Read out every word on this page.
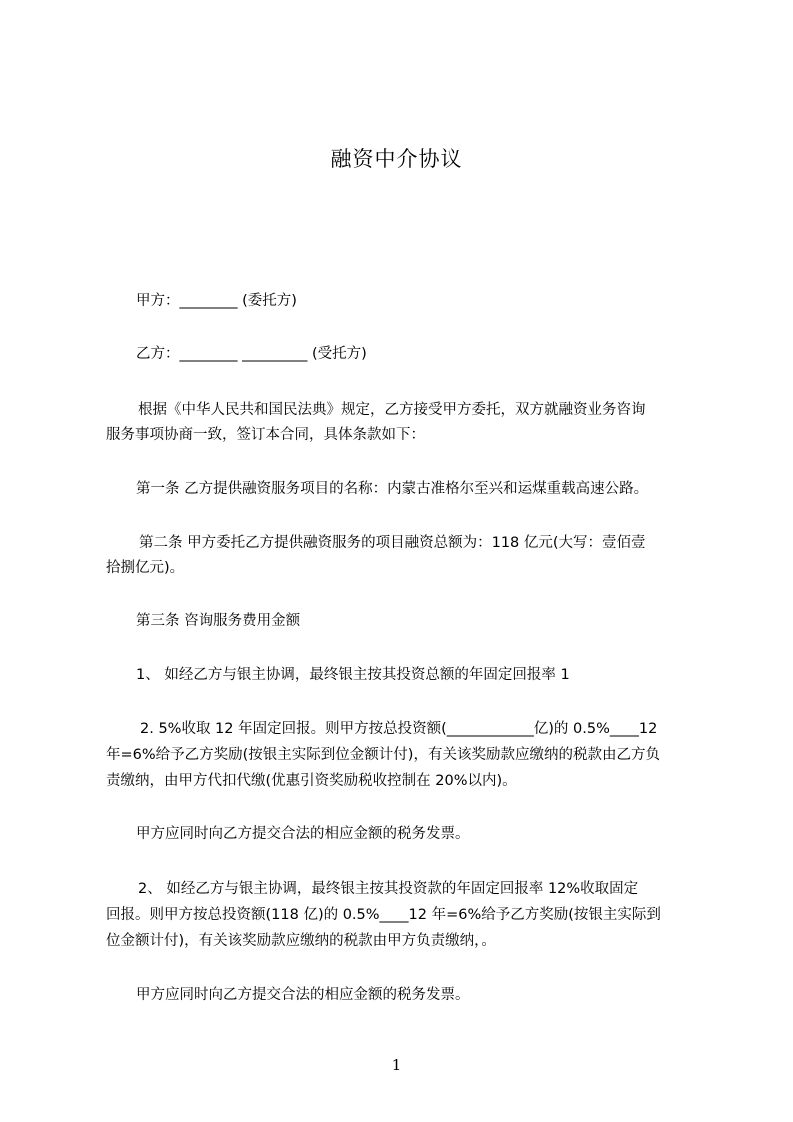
融资中介协议
甲方：________ (委托方)
乙方：________ _________ (受托方)
根据《中华人民共和国民法典》规定，乙方接受甲方委托，双方就融资业务咨询
服务事项协商一致，签订本合同，具体条款如下：
第一条 乙方提供融资服务项目的名称：内蒙古准格尔至兴和运煤重载高速公路。
第二条 甲方委托乙方提供融资服务的项目融资总额为：118 亿元(大写：壹佰壹
拾捌亿元)。
第三条 咨询服务费用金额
1、 如经乙方与银主协调，最终银主按其投资总额的年固定回报率 1
2. 5%收取 12 年固定回报。则甲方按总投资额(____________亿)的 0.5%____12
年=6%给予乙方奖励(按银主实际到位金额计付)，有关该奖励款应缴纳的税款由乙方负
责缴纳，由甲方代扣代缴(优惠引资奖励税收控制在 20%以内)。
甲方应同时向乙方提交合法的相应金额的税务发票。
2、 如经乙方与银主协调，最终银主按其投资款的年固定回报率 12%收取固定
回报。则甲方按总投资额(118 亿)的 0.5%____12 年=6%给予乙方奖励(按银主实际到
位金额计付)，有关该奖励款应缴纳的税款由甲方负责缴纳，。
甲方应同时向乙方提交合法的相应金额的税务发票。
1
